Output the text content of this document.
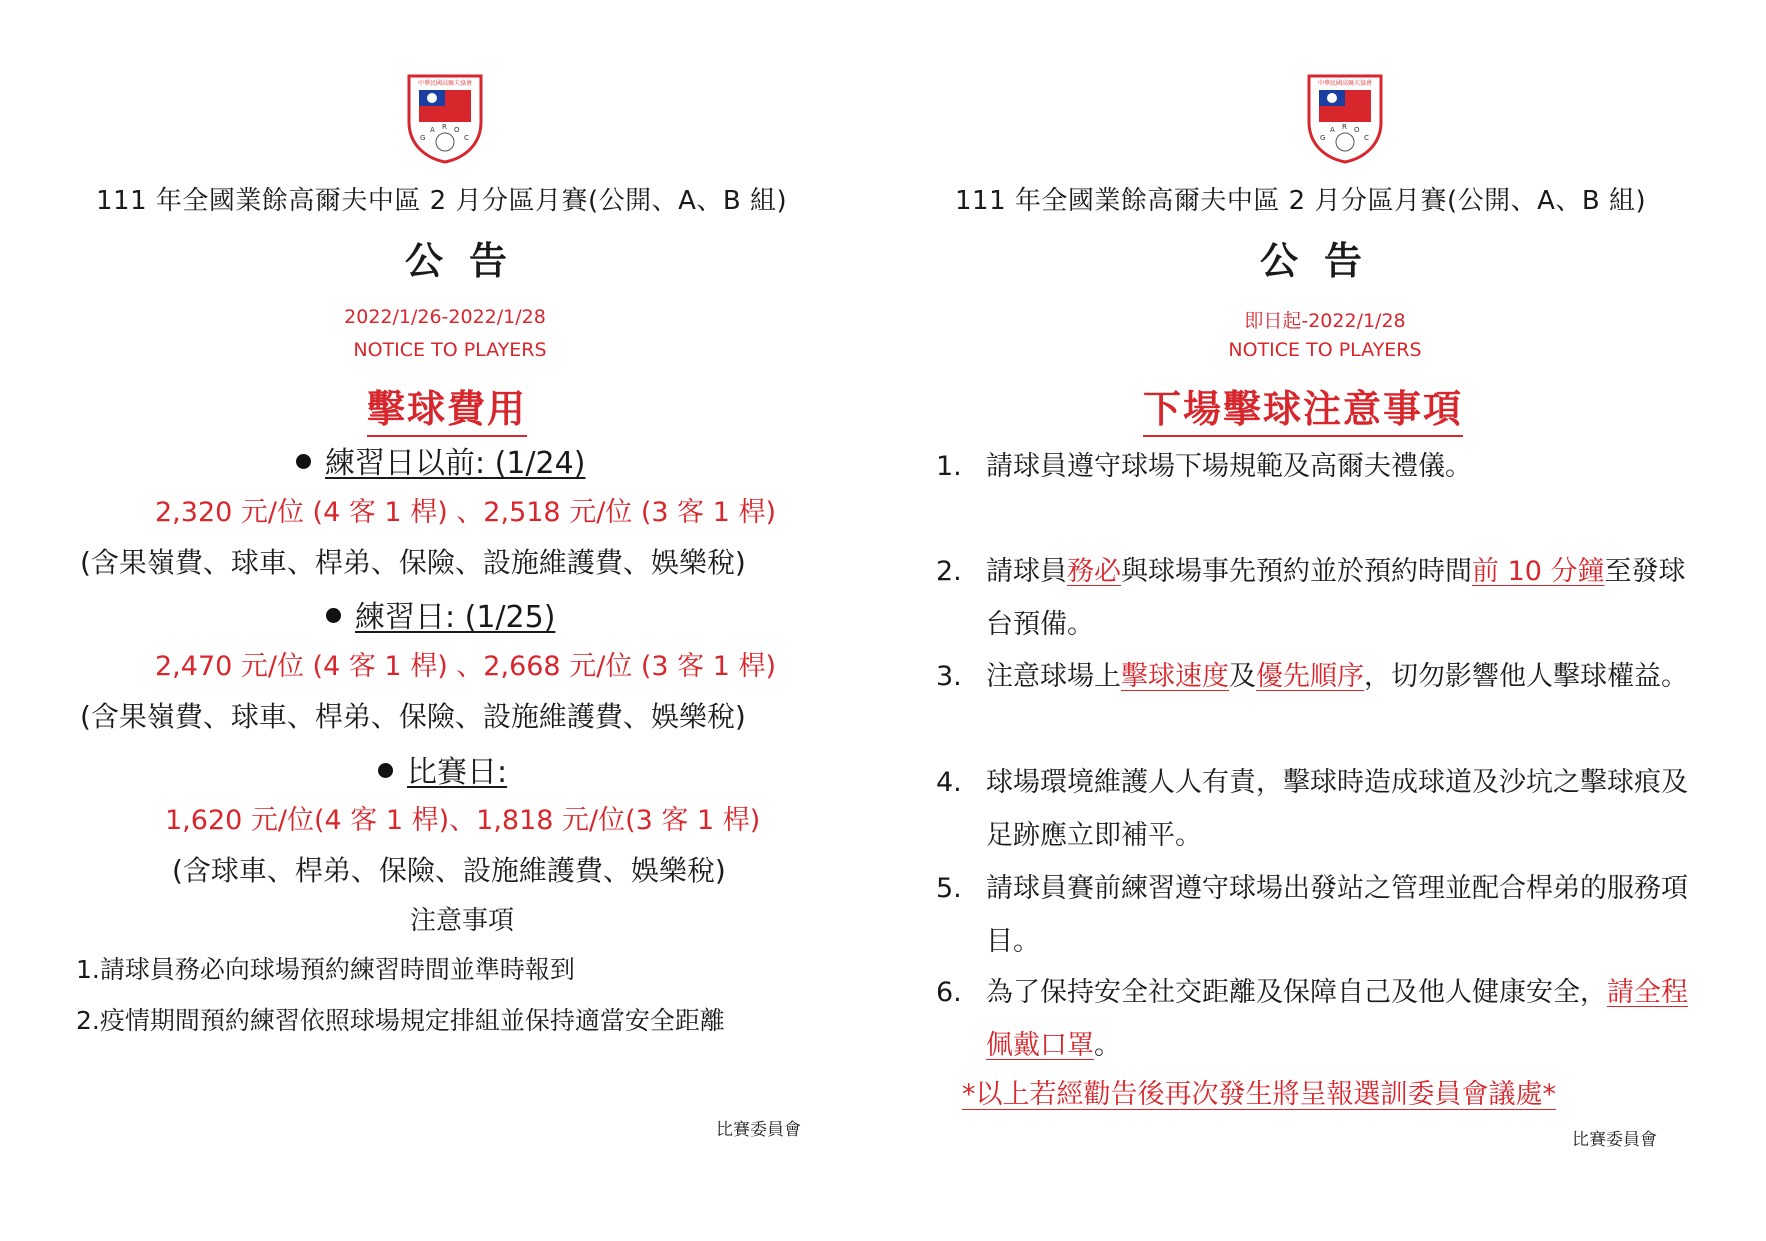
中華民國高爾夫協會
G
A R O
C
111 年全國業餘高爾夫中區 2 月分區月賽(公開、A、B 組)
公告
2022/1/26-2022/1/28
NOTICE TO PLAYERS
擊球費用
練習日以前: (1/24)
2,320 元/位 (4 客 1 桿) 、2,518 元/位 (3 客 1 桿)
(含果嶺費、球車、桿弟、保險、設施維護費、娛樂稅)
練習日: (1/25)
2,470 元/位 (4 客 1 桿) 、2,668 元/位 (3 客 1 桿)
(含果嶺費、球車、桿弟、保險、設施維護費、娛樂稅)
比賽日:
1,620 元/位(4 客 1 桿)、1,818 元/位(3 客 1 桿)
(含球車、桿弟、保險、設施維護費、娛樂稅)
注意事項
1.請球員務必向球場預約練習時間並準時報到
2.疫情期間預約練習依照球場規定排組並保持適當安全距離
比賽委員會
中華民國高爾夫協會
G
A R O
C
111 年全國業餘高爾夫中區 2 月分區月賽(公開、A、B 組)
公告
即日起-2022/1/28
NOTICE TO PLAYERS
下場擊球注意事項
1. 請球員遵守球場下場規範及高爾夫禮儀。
2. 請球員務必與球場事先預約並於預約時間前 10 分鐘至發球台預備。
3. 注意球場上擊球速度及優先順序，切勿影響他人擊球權益。
4. 球場環境維護人人有責，擊球時造成球道及沙坑之擊球痕及足跡應立即補平。
5. 請球員賽前練習遵守球場出發站之管理並配合桿弟的服務項目。
6. 為了保持安全社交距離及保障自己及他人健康安全，請全程佩戴口罩。
*以上若經勸告後再次發生將呈報選訓委員會議處*
比賽委員會
